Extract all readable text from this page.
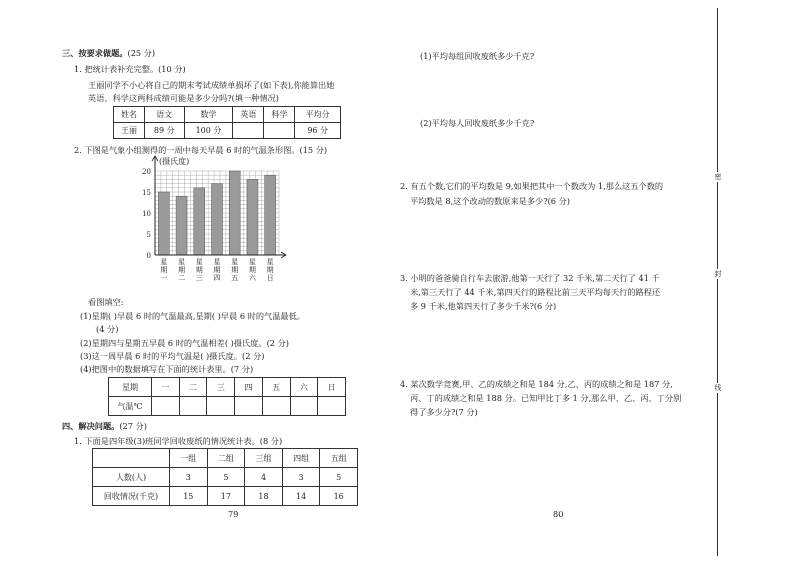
三、按要求做题。(25 分)
1. 把统计表补充完整。(10 分)
王丽同学不小心将自己的期末考试成绩单损坏了(如下表),你能算出她
英语、科学这两科成绩可能是多少分吗?(填一种情况)
姓名	语文	数学	英语	科学	平均分
王丽	89 分	100 分			96 分
2. 下图是气象小组测得的一周中每天早晨 6 时的气温条形图。(15 分)
0
5
10
15
20
星
期
一
星
期
二
星
期
三
星
期
四
星
期
五
星
期
六
星
期
日
(摄氏度)
看图填空:
(1)星期( )早晨 6 时的气温最高,星期( )早晨 6 时的气温最低。
(4 分)
(2)星期四与星期五早晨 6 时的气温相差( )摄氏度。(2 分)
(3)这一周早晨 6 时的平均气温是( )摄氏度。(2 分)
(4)把图中的数据填写在下面的统计表里。(7 分)
星期	一	二	三	四	五	六	日
气温℃							
四、解决问题。(27 分)
1. 下面是四年级(3)班同学回收废纸的情况统计表。(8 分)
	一组	二组	三组	四组	五组
人数(人)	3	5	4	3	5
回收情况(千克)	15	17	18	14	16
79
(1)平均每组回收废纸多少千克?
(2)平均每人回收废纸多少千克?
2. 有五个数,它们的平均数是 9,如果把其中一个数改为 1,那么这五个数的
平均数是 8,这个改动的数原来是多少?(6 分)
3. 小明的爸爸骑自行车去旅游,他第一天行了 32 千米,第二天行了 41 千
米,第三天行了 44 千米,第四天行的路程比前三天平均每天行的路程还
多 9 千米,他第四天行了多少千米?(6 分)
4. 某次数学竞赛,甲、乙的成绩之和是 184 分,乙、丙的成绩之和是 187 分,
丙、丁的成绩之和是 188 分。已知甲比丁多 1 分,那么甲、乙、丙、丁分别
得了多少分?(7 分)
80
密
封
线
